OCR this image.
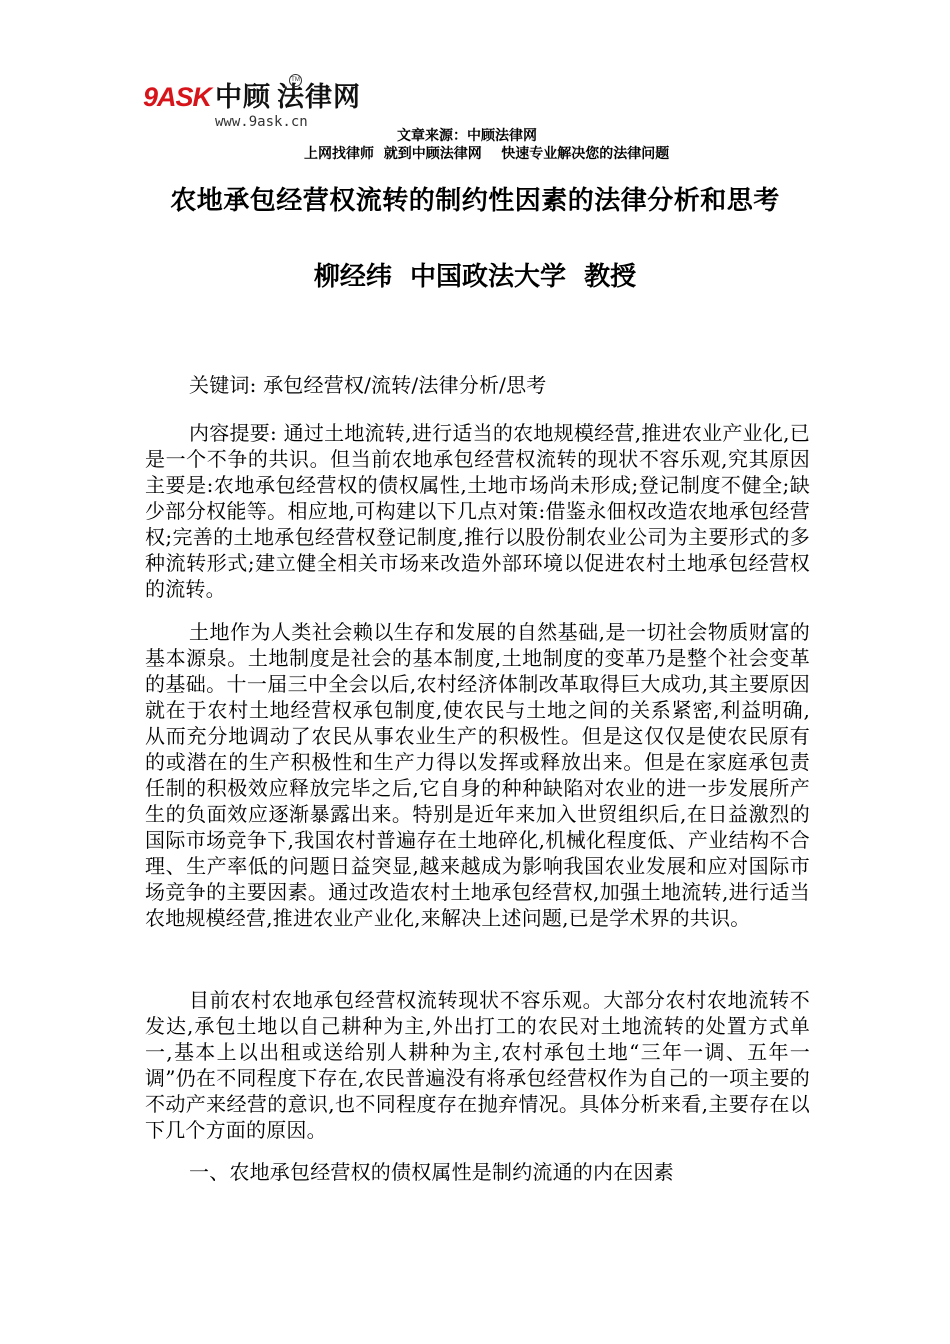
9ASK 中顾 法律网
TM
www.9ask.cn
文章来源：中顾法律网
上网找律师  就到中顾法律网    快速专业解决您的法律问题
农地承包经营权流转的制约性因素的法律分析和思考
柳经纬  中国政法大学  教授

关键词: 承包经营权/流转/法律分析/思考

内容提要: 通过土地流转,进行适当的农地规模经营,推进农业产业化,已是一个不争的共识。但当前农地承包经营权流转的现状不容乐观,究其原因主要是:农地承包经营权的债权属性,土地市场尚未形成;登记制度不健全;缺少部分权能等。相应地,可构建以下几点对策:借鉴永佃权改造农地承包经营权;完善的土地承包经营权登记制度,推行以股份制农业公司为主要形式的多种流转形式;建立健全相关市场来改造外部环境以促进农村土地承包经营权的流转。

土地作为人类社会赖以生存和发展的自然基础,是一切社会物质财富的基本源泉。土地制度是社会的基本制度,土地制度的变革乃是整个社会变革的基础。十一届三中全会以后,农村经济体制改革取得巨大成功,其主要原因就在于农村土地经营权承包制度,使农民与土地之间的关系紧密,利益明确,从而充分地调动了农民从事农业生产的积极性。但是这仅仅是使农民原有的或潜在的生产积极性和生产力得以发挥或释放出来。但是在家庭承包责任制的积极效应释放完毕之后,它自身的种种缺陷对农业的进一步发展所产生的负面效应逐渐暴露出来。特别是近年来加入世贸组织后,在日益激烈的国际市场竞争下,我国农村普遍存在土地碎化,机械化程度低、产业结构不合理、生产率低的问题日益突显,越来越成为影响我国农业发展和应对国际市场竞争的主要因素。通过改造农村土地承包经营权,加强土地流转,进行适当农地规模经营,推进农业产业化,来解决上述问题,已是学术界的共识。

目前农村农地承包经营权流转现状不容乐观。大部分农村农地流转不发达,承包土地以自己耕种为主,外出打工的农民对土地流转的处置方式单一,基本上以出租或送给别人耕种为主,农村承包土地“三年一调、五年一调”仍在不同程度下存在,农民普遍没有将承包经营权作为自己的一项主要的不动产来经营的意识,也不同程度存在抛弃情况。具体分析来看,主要存在以下几个方面的原因。

一、农地承包经营权的债权属性是制约流通的内在因素
